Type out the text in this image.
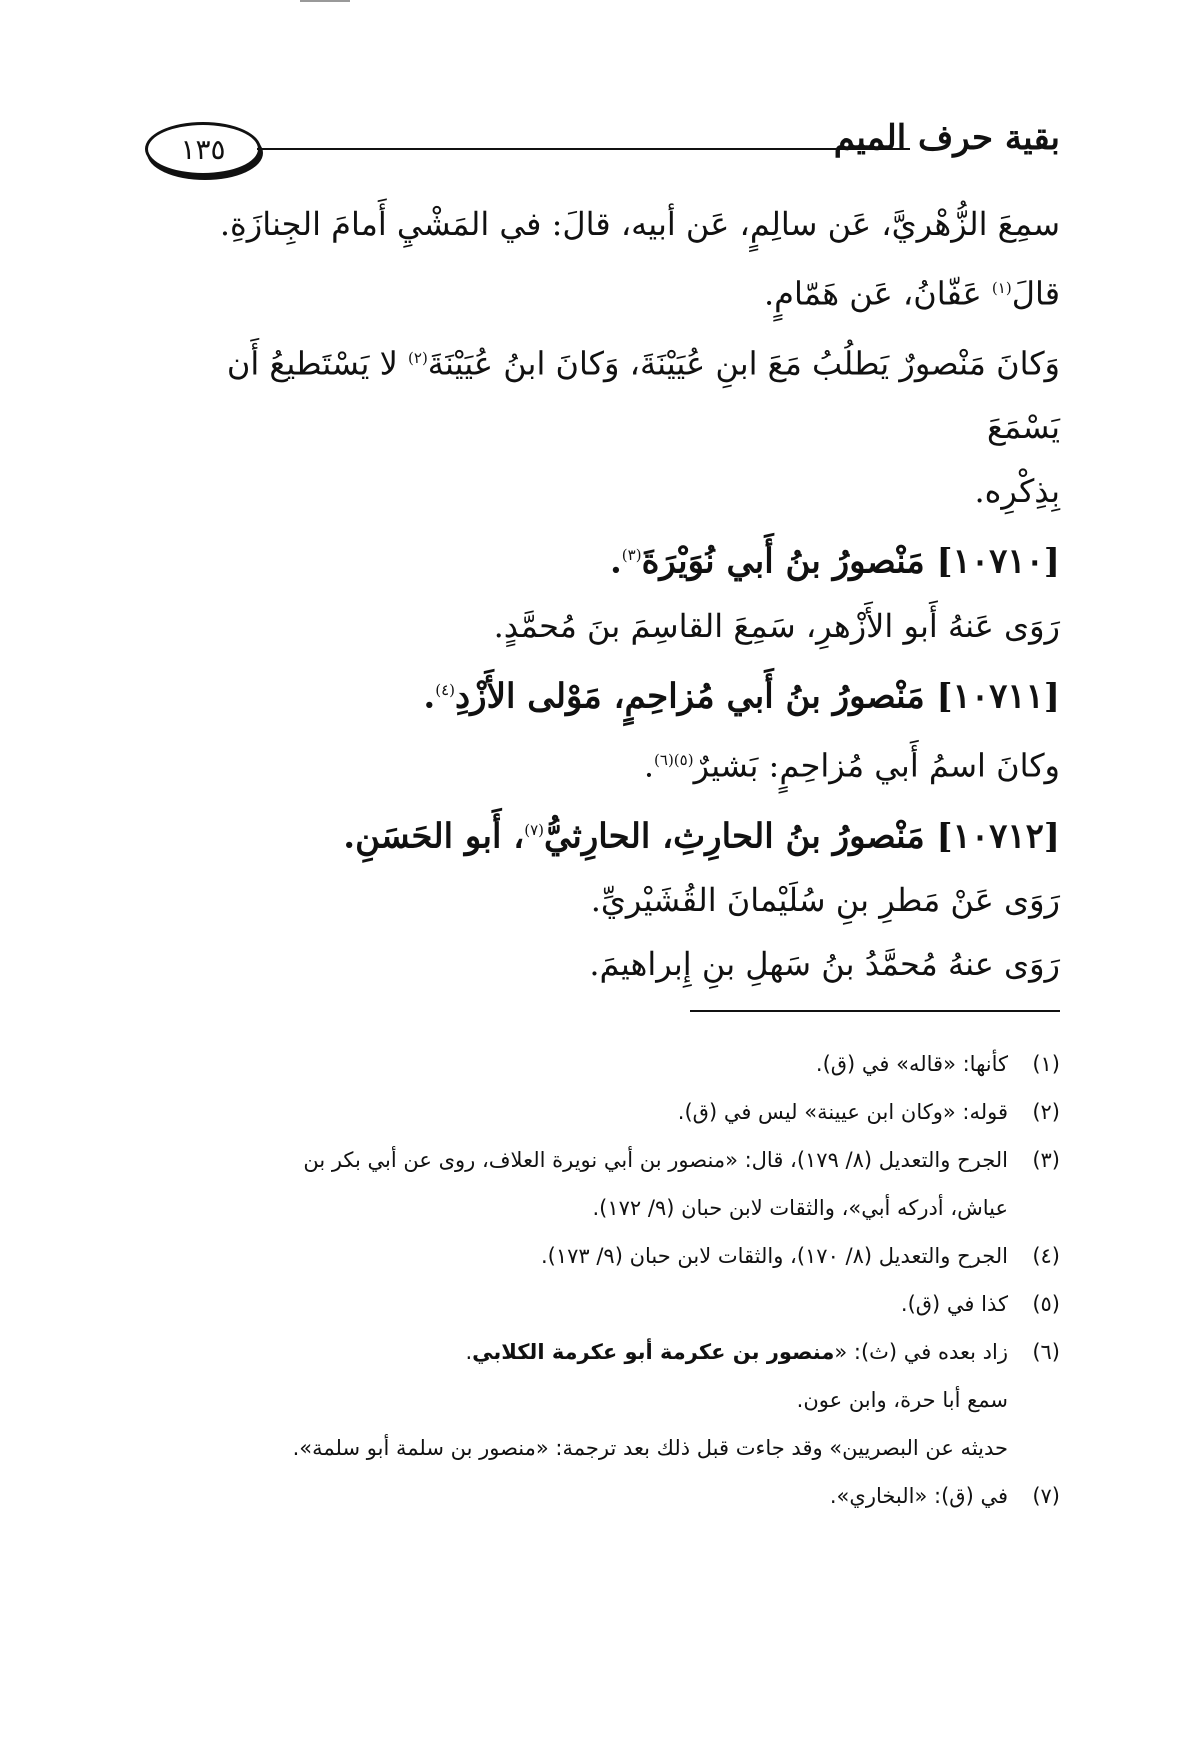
١٣٥	بقية حرف الميم

سمِعَ الزُّهْريَّ، عَن سالِمٍ، عَن أبيه، قالَ: في المَشْيِ أَمامَ الجِنازَةِ.

قالَ$^{(١)}$ عَفّانُ، عَن هَمّامٍ.

وَكانَ مَنْصورٌ يَطلُبُ مَعَ ابنِ عُيَيْنَةَ، وَكانَ ابنُ عُيَيْنَةَ$^{(٢)}$ لا يَسْتَطيعُ أَن يَسْمَعَ

بِذِكْرِه.

[١٠٧١٠] مَنْصورُ بنُ أَبي نُوَيْرَةَ$^{(٣)}$.

رَوَى عَنهُ أَبو الأَزْهرِ، سَمِعَ القاسِمَ بنَ مُحمَّدٍ.

[١٠٧١١] مَنْصورُ بنُ أَبي مُزاحِمٍ، مَوْلى الأَزْدِ$^{(٤)}$.

وكانَ اسمُ أَبي مُزاحِمٍ: بَشيرٌ$^{(٥)(٦)}$.

[١٠٧١٢] مَنْصورُ بنُ الحارِثِ، الحارِثيُّ$^{(٧)}$، أَبو الحَسَنِ.

رَوَى عَنْ مَطرِ بنِ سُلَيْمانَ القُشَيْريِّ.

رَوَى عنهُ مُحمَّدُ بنُ سَهلِ بنِ إِبراهيمَ.

(١)
كأنها: «قاله» في (ق).
(٢)
قوله: «وكان ابن عيينة» ليس في (ق).
(٣)
الجرح والتعديل (٨/ ١٧٩)، قال: «منصور بن أبي نويرة العلاف، روى عن أبي بكر بن
عياش، أدركه أبي»، والثقات لابن حبان (٩/ ١٧٢).
(٤)
الجرح والتعديل (٨/ ١٧٠)، والثقات لابن حبان (٩/ ١٧٣).
(٥)
كذا في (ق).
(٦)
زاد بعده في (ث): «منصور بن عكرمة أبو عكرمة الكلابي.
سمع أبا حرة، وابن عون.
حديثه عن البصريين» وقد جاءت قبل ذلك بعد ترجمة: «منصور بن سلمة أبو سلمة».
(٧)
في (ق): «البخاري».
